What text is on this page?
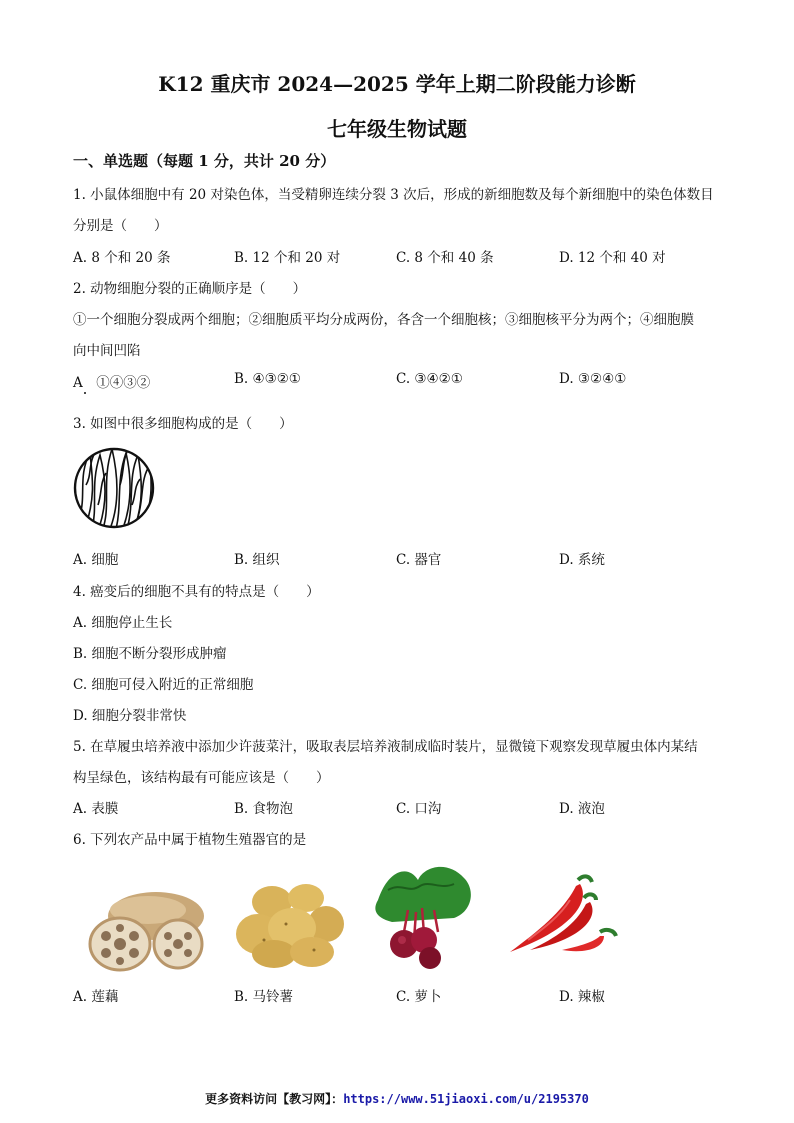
K12 重庆市 2024—2025 学年上期二阶段能力诊断
七年级生物试题
一、单选题（每题 1 分，共计 20 分）
1. 小鼠体细胞中有 20 对染色体，当受精卵连续分裂 3 次后，形成的新细胞数及每个新细胞中的染色体数目
分别是（　　）
A. 8 个和 20 条	B. 12 个和 20 对	C. 8 个和 40 条	D. 12 个和 40 对
2. 动物细胞分裂的正确顺序是（　　）
①一个细胞分裂成两个细胞；②细胞质平均分成两份，各含一个细胞核；③细胞核平分为两个；④细胞膜
向中间凹陷
A　①④③②	B. ④③②①	C. ③④②①	D. ③②④①
3. 如图中很多细胞构成的是（　　）
A. 细胞	B. 组织	C. 器官	D. 系统
4. 癌变后的细胞不具有的特点是（　　）
A. 细胞停止生长
B. 细胞不断分裂形成肿瘤
C. 细胞可侵入附近的正常细胞
D. 细胞分裂非常快
5. 在草履虫培养液中添加少许菠菜汁，吸取表层培养液制成临时装片，显微镜下观察发现草履虫体内某结
构呈绿色，该结构最有可能应该是（　　）
A. 表膜	B. 食物泡	C. 口沟	D. 液泡
6. 下列农产品中属于植物生殖器官的是
A. 莲藕	B. 马铃薯	C. 萝卜	D. 辣椒
更多资料访问【教习网】：https://www.51jiaoxi.com/u/2195370
